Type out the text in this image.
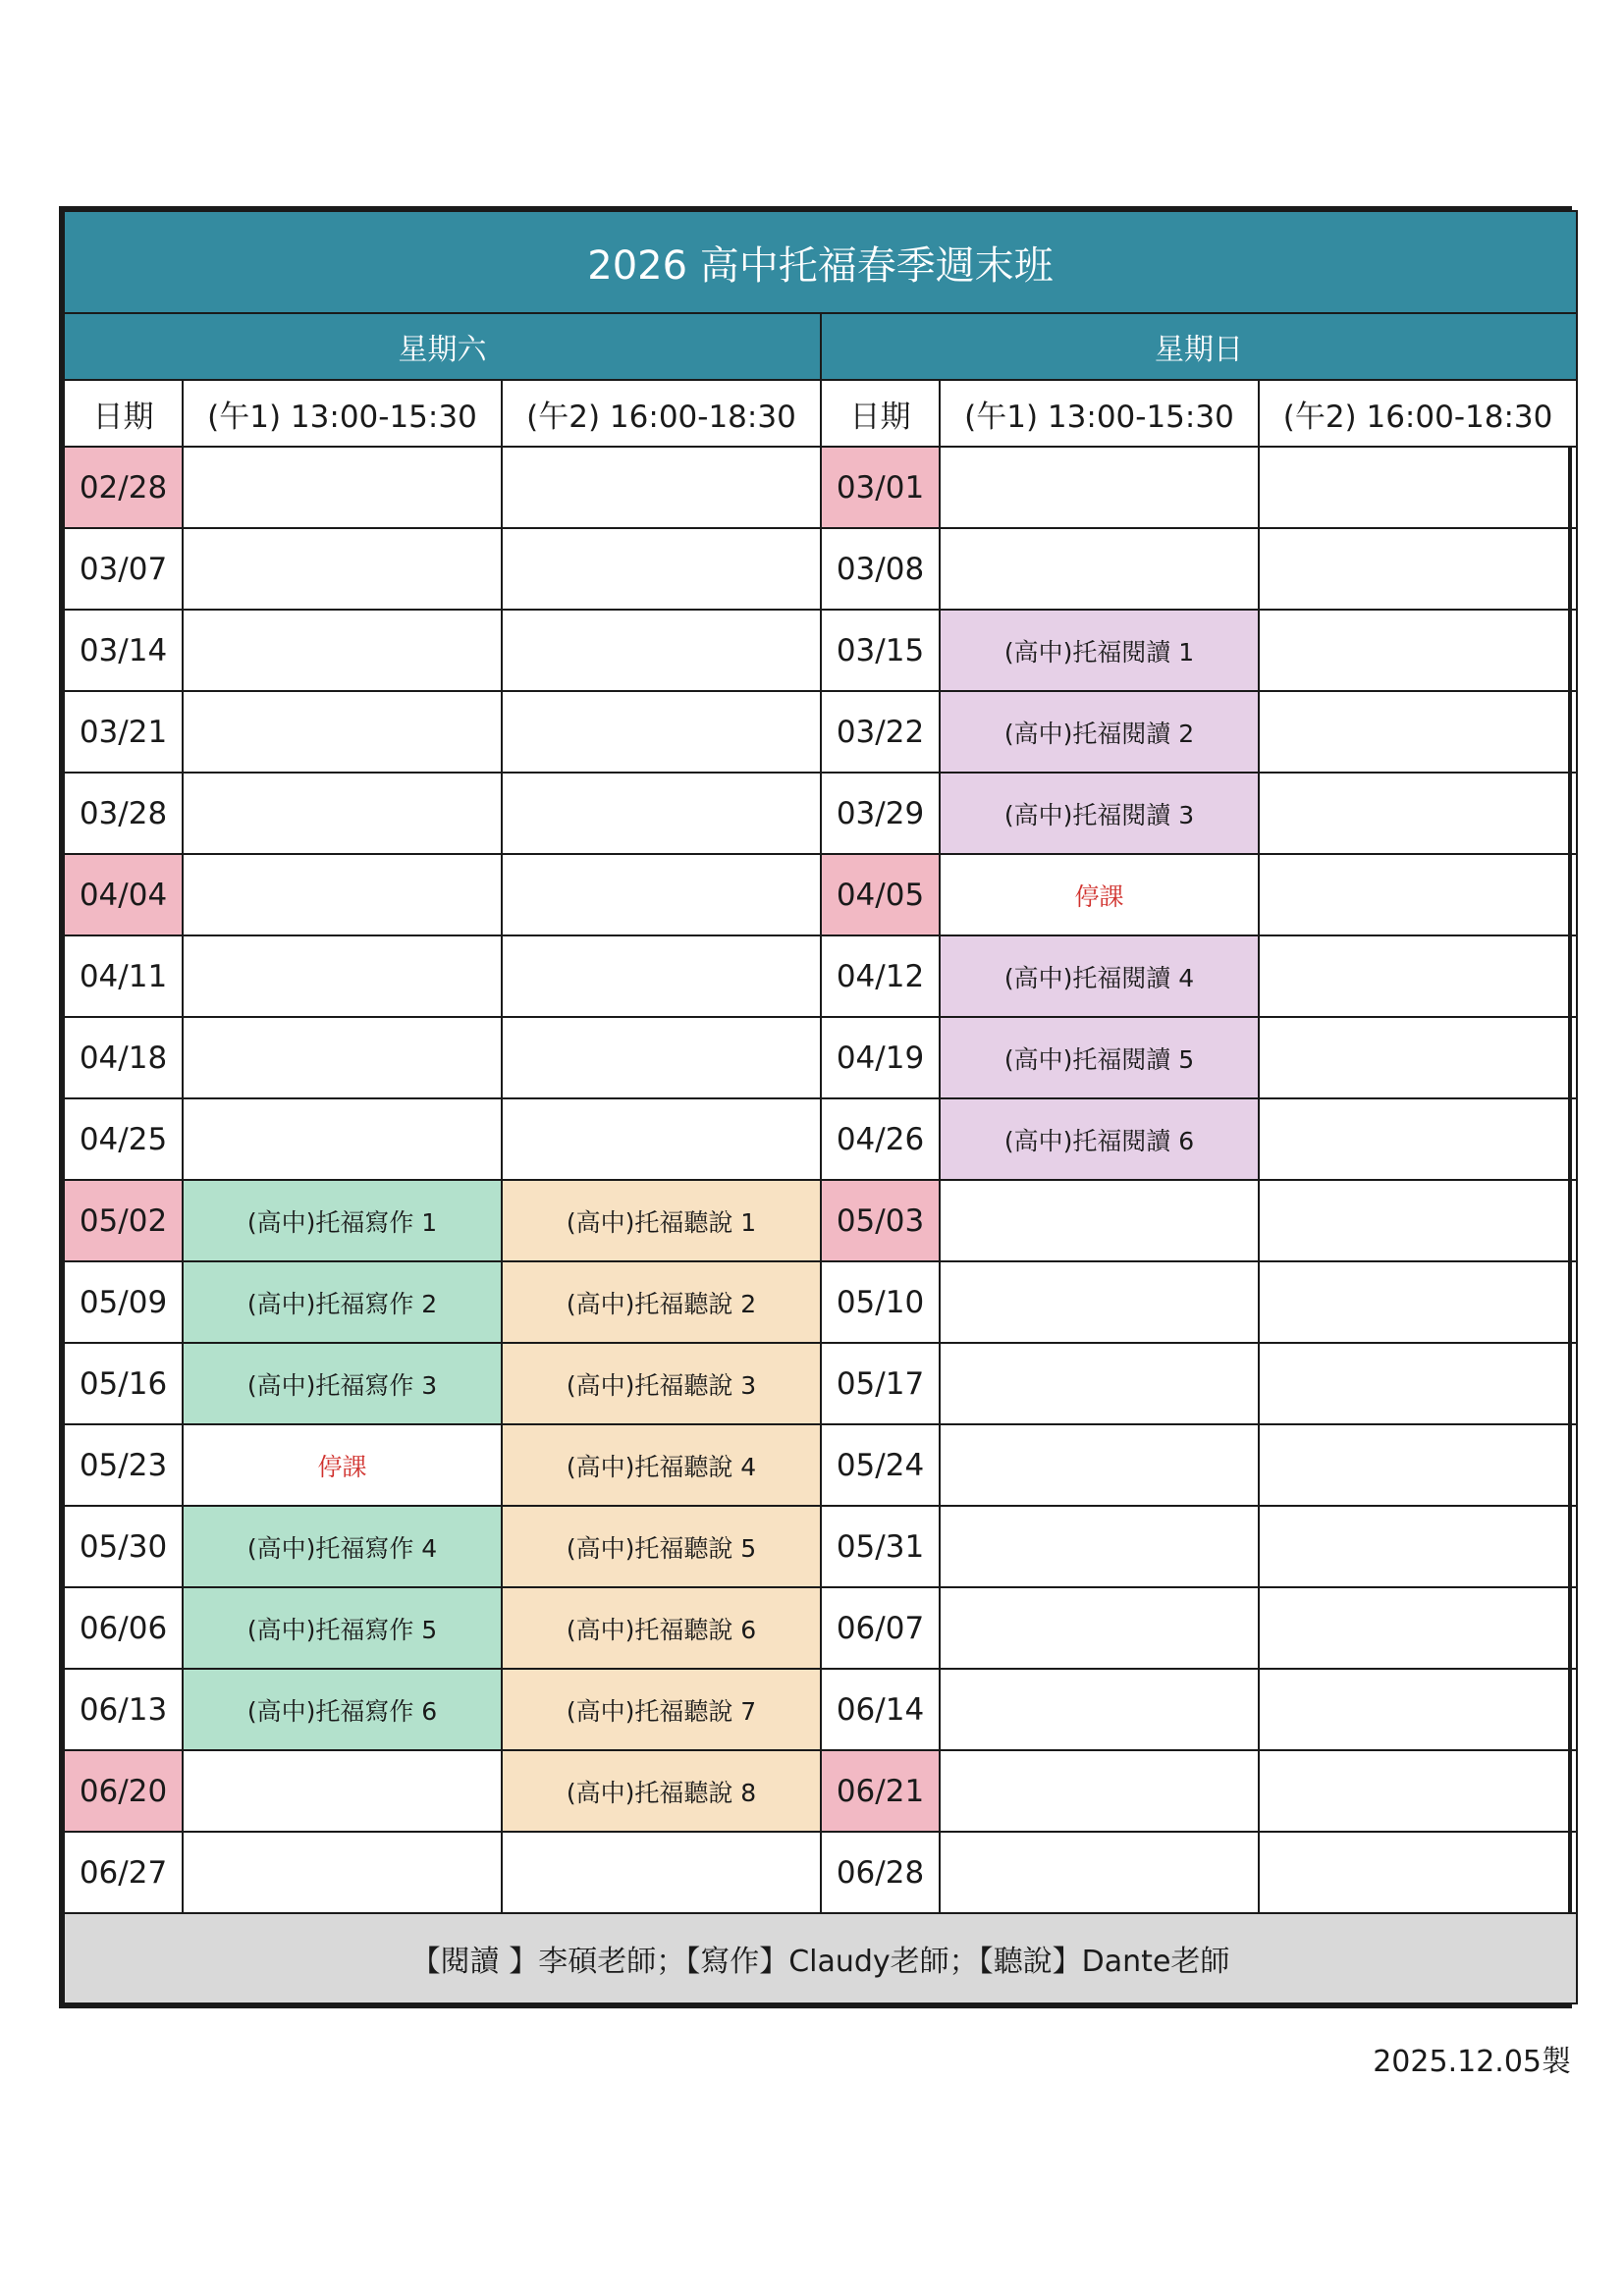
2026 高中托福春季週末班					
星期六			星期日		
日期	(午1) 13:00-15:30	(午2) 16:00-18:30	日期	(午1) 13:00-15:30	(午2) 16:00-18:30
02/28			03/01		
03/07			03/08		
03/14			03/15	(高中)托福閱讀 1	
03/21			03/22	(高中)托福閱讀 2	
03/28			03/29	(高中)托福閱讀 3	
04/04			04/05	停課	
04/11			04/12	(高中)托福閱讀 4	
04/18			04/19	(高中)托福閱讀 5	
04/25			04/26	(高中)托福閱讀 6	
05/02	(高中)托福寫作 1	(高中)托福聽說 1	05/03		
05/09	(高中)托福寫作 2	(高中)托福聽說 2	05/10		
05/16	(高中)托福寫作 3	(高中)托福聽說 3	05/17		
05/23	停課	(高中)托福聽說 4	05/24		
05/30	(高中)托福寫作 4	(高中)托福聽說 5	05/31		
06/06	(高中)托福寫作 5	(高中)托福聽說 6	06/07		
06/13	(高中)托福寫作 6	(高中)托福聽說 7	06/14		
06/20		(高中)托福聽說 8	06/21		
06/27			06/28		
【閱讀 】李碩老師；【寫作】Claudy老師；【聽說】Dante老師					
2025.12.05製
